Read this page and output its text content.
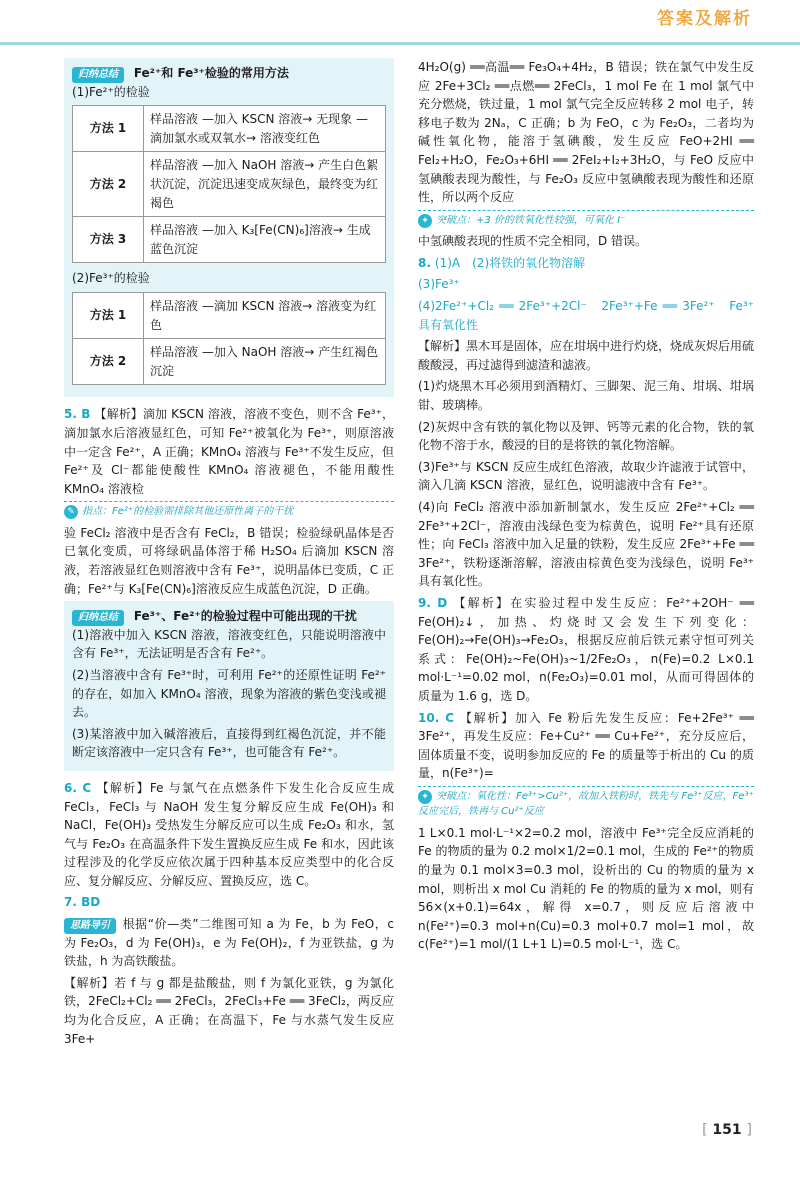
答案及解析
归纳总结 Fe²⁺和 Fe³⁺检验的常用方法
(1)Fe²⁺的检验
方法 1	样品溶液 —加入 KSCN 溶液→ 无现象 —滴加氯水或双氧水→ 溶液变红色
方法 2	样品溶液 —加入 NaOH 溶液→ 产生白色絮状沉淀，沉淀迅速变成灰绿色，最终变为红褐色
方法 3	样品溶液 —加入 K₃[Fe(CN)₆]溶液→ 生成蓝色沉淀
(2)Fe³⁺的检验
方法 1	样品溶液 —滴加 KSCN 溶液→ 溶液变为红色
方法 2	样品溶液 —加入 NaOH 溶液→ 产生红褐色沉淀

5. B 【解析】滴加 KSCN 溶液，溶液不变色，则不含 Fe³⁺，滴加氯水后溶液显红色，可知 Fe²⁺被氧化为 Fe³⁺，则原溶液中一定含 Fe²⁺，A 正确；KMnO₄ 溶液与 Fe³⁺不发生反应，但 Fe²⁺及 Cl⁻都能使酸性 KMnO₄ 溶液褪色，不能用酸性 KMnO₄ 溶液检

✎ 指点：Fe²⁺的检验需排除其他还原性离子的干扰

验 FeCl₂ 溶液中是否含有 FeCl₂，B 错误；检验绿矾晶体是否已氧化变质，可将绿矾晶体溶于稀 H₂SO₄ 后滴加 KSCN 溶液，若溶液显红色则溶液中含有 Fe³⁺，说明晶体已变质，C 正确；Fe²⁺与 K₃[Fe(CN)₆]溶液反应生成蓝色沉淀，D 正确。

归纳总结 Fe³⁺、Fe²⁺的检验过程中可能出现的干扰

(1)溶液中加入 KSCN 溶液，溶液变红色，只能说明溶液中含有 Fe³⁺，无法证明是否含有 Fe²⁺。

(2)当溶液中含有 Fe³⁺时，可利用 Fe²⁺的还原性证明 Fe²⁺的存在，如加入 KMnO₄ 溶液，现象为溶液的紫色变浅或褪去。

(3)某溶液中加入碱溶液后，直接得到红褐色沉淀，并不能断定该溶液中一定只含有 Fe³⁺，也可能含有 Fe²⁺。

6. C 【解析】Fe 与氯气在点燃条件下发生化合反应生成 FeCl₃，FeCl₃ 与 NaOH 发生复分解反应生成 Fe(OH)₃ 和 NaCl，Fe(OH)₃ 受热发生分解反应可以生成 Fe₂O₃ 和水，氢气与 Fe₂O₃ 在高温条件下发生置换反应生成 Fe 和水，因此该过程涉及的化学反应依次属于四种基本反应类型中的化合反应、复分解反应、分解反应、置换反应，选 C。

7. BD

思路导引 根据“价—类”二维图可知 a 为 Fe，b 为 FeO，c 为 Fe₂O₃，d 为 Fe(OH)₃，e 为 Fe(OH)₂，f 为亚铁盐，g 为铁盐，h 为高铁酸盐。

【解析】若 f 与 g 都是盐酸盐，则 f 为氯化亚铁，g 为氯化铁，2FeCl₂+Cl₂ ══ 2FeCl₃，2FeCl₃+Fe ══ 3FeCl₂，两反应均为化合反应，A 正确；在高温下，Fe 与水蒸气发生反应 3Fe+

4H₂O(g) ══高温══ Fe₃O₄+4H₂，B 错误；铁在氯气中发生反应 2Fe+3Cl₂ ══点燃══ 2FeCl₃，1 mol Fe 在 1 mol 氯气中充分燃烧，铁过量，1 mol 氯气完全反应转移 2 mol 电子，转移电子数为 2Nₐ，C 正确；b 为 FeO，c 为 Fe₂O₃，二者均为碱性氧化物，能溶于氢碘酸，发生反应 FeO+2HI ══ FeI₂+H₂O，Fe₂O₃+6HI ══ 2FeI₂+I₂+3H₂O，与 FeO 反应中氢碘酸表现为酸性，与 Fe₂O₃ 反应中氢碘酸表现为酸性和还原性，所以两个反应

✦ 突破点：+3 价的铁氧化性较强，可氧化 I⁻

中氢碘酸表现的性质不完全相同，D 错误。

8. (1)A　(2)将铁的氧化物溶解

(3)Fe³⁺

(4)2Fe²⁺+Cl₂ ══ 2Fe³⁺+2Cl⁻　2Fe³⁺+Fe ══ 3Fe²⁺　Fe³⁺具有氧化性

【解析】黑木耳是固体，应在坩埚中进行灼烧，烧成灰烬后用硫酸酸浸，再过滤得到滤渣和滤液。

(1)灼烧黑木耳必须用到酒精灯、三脚架、泥三角、坩埚、坩埚钳、玻璃棒。

(2)灰烬中含有铁的氧化物以及钾、钙等元素的化合物，铁的氧化物不溶于水，酸浸的目的是将铁的氧化物溶解。

(3)Fe³⁺与 KSCN 反应生成红色溶液，故取少许滤液于试管中，滴入几滴 KSCN 溶液，显红色，说明滤液中含有 Fe³⁺。

(4)向 FeCl₂ 溶液中添加新制氯水，发生反应 2Fe²⁺+Cl₂ ══ 2Fe³⁺+2Cl⁻，溶液由浅绿色变为棕黄色，说明 Fe²⁺具有还原性；向 FeCl₃ 溶液中加入足量的铁粉，发生反应 2Fe³⁺+Fe ══ 3Fe²⁺，铁粉逐渐溶解，溶液由棕黄色变为浅绿色，说明 Fe³⁺具有氧化性。

9. D 【解析】在实验过程中发生反应：Fe²⁺+2OH⁻ ══ Fe(OH)₂↓，加热、灼烧时又会发生下列变化：Fe(OH)₂→Fe(OH)₃→Fe₂O₃，根据反应前后铁元素守恒可列关系式：Fe(OH)₂~Fe(OH)₃~1/2Fe₂O₃，n(Fe)=0.2 L×0.1 mol·L⁻¹=0.02 mol，n(Fe₂O₃)=0.01 mol，从而可得固体的质量为 1.6 g，选 D。

10. C 【解析】加入 Fe 粉后先发生反应：Fe+2Fe³⁺ ══ 3Fe²⁺，再发生反应：Fe+Cu²⁺ ══ Cu+Fe²⁺，充分反应后，固体质量不变，说明参加反应的 Fe 的质量等于析出的 Cu 的质量，n(Fe³⁺)=

✦ 突破点：氧化性：Fe³⁺>Cu²⁺，故加入铁粉时，铁先与 Fe³⁺反应，Fe³⁺反应完后，铁再与 Cu²⁺反应

1 L×0.1 mol·L⁻¹×2=0.2 mol，溶液中 Fe³⁺完全反应消耗的 Fe 的物质的量为 0.2 mol×1/2=0.1 mol，生成的 Fe²⁺的物质的量为 0.1 mol×3=0.3 mol，设析出的 Cu 的物质的量为 x mol，则析出 x mol Cu 消耗的 Fe 的物质的量为 x mol，则有 56×(x+0.1)=64x，解得 x=0.7，则反应后溶液中 n(Fe²⁺)=0.3 mol+n(Cu)=0.3 mol+0.7 mol=1 mol，故 c(Fe²⁺)=1 mol/(1 L+1 L)=0.5 mol·L⁻¹，选 C。

[ 151 ]
